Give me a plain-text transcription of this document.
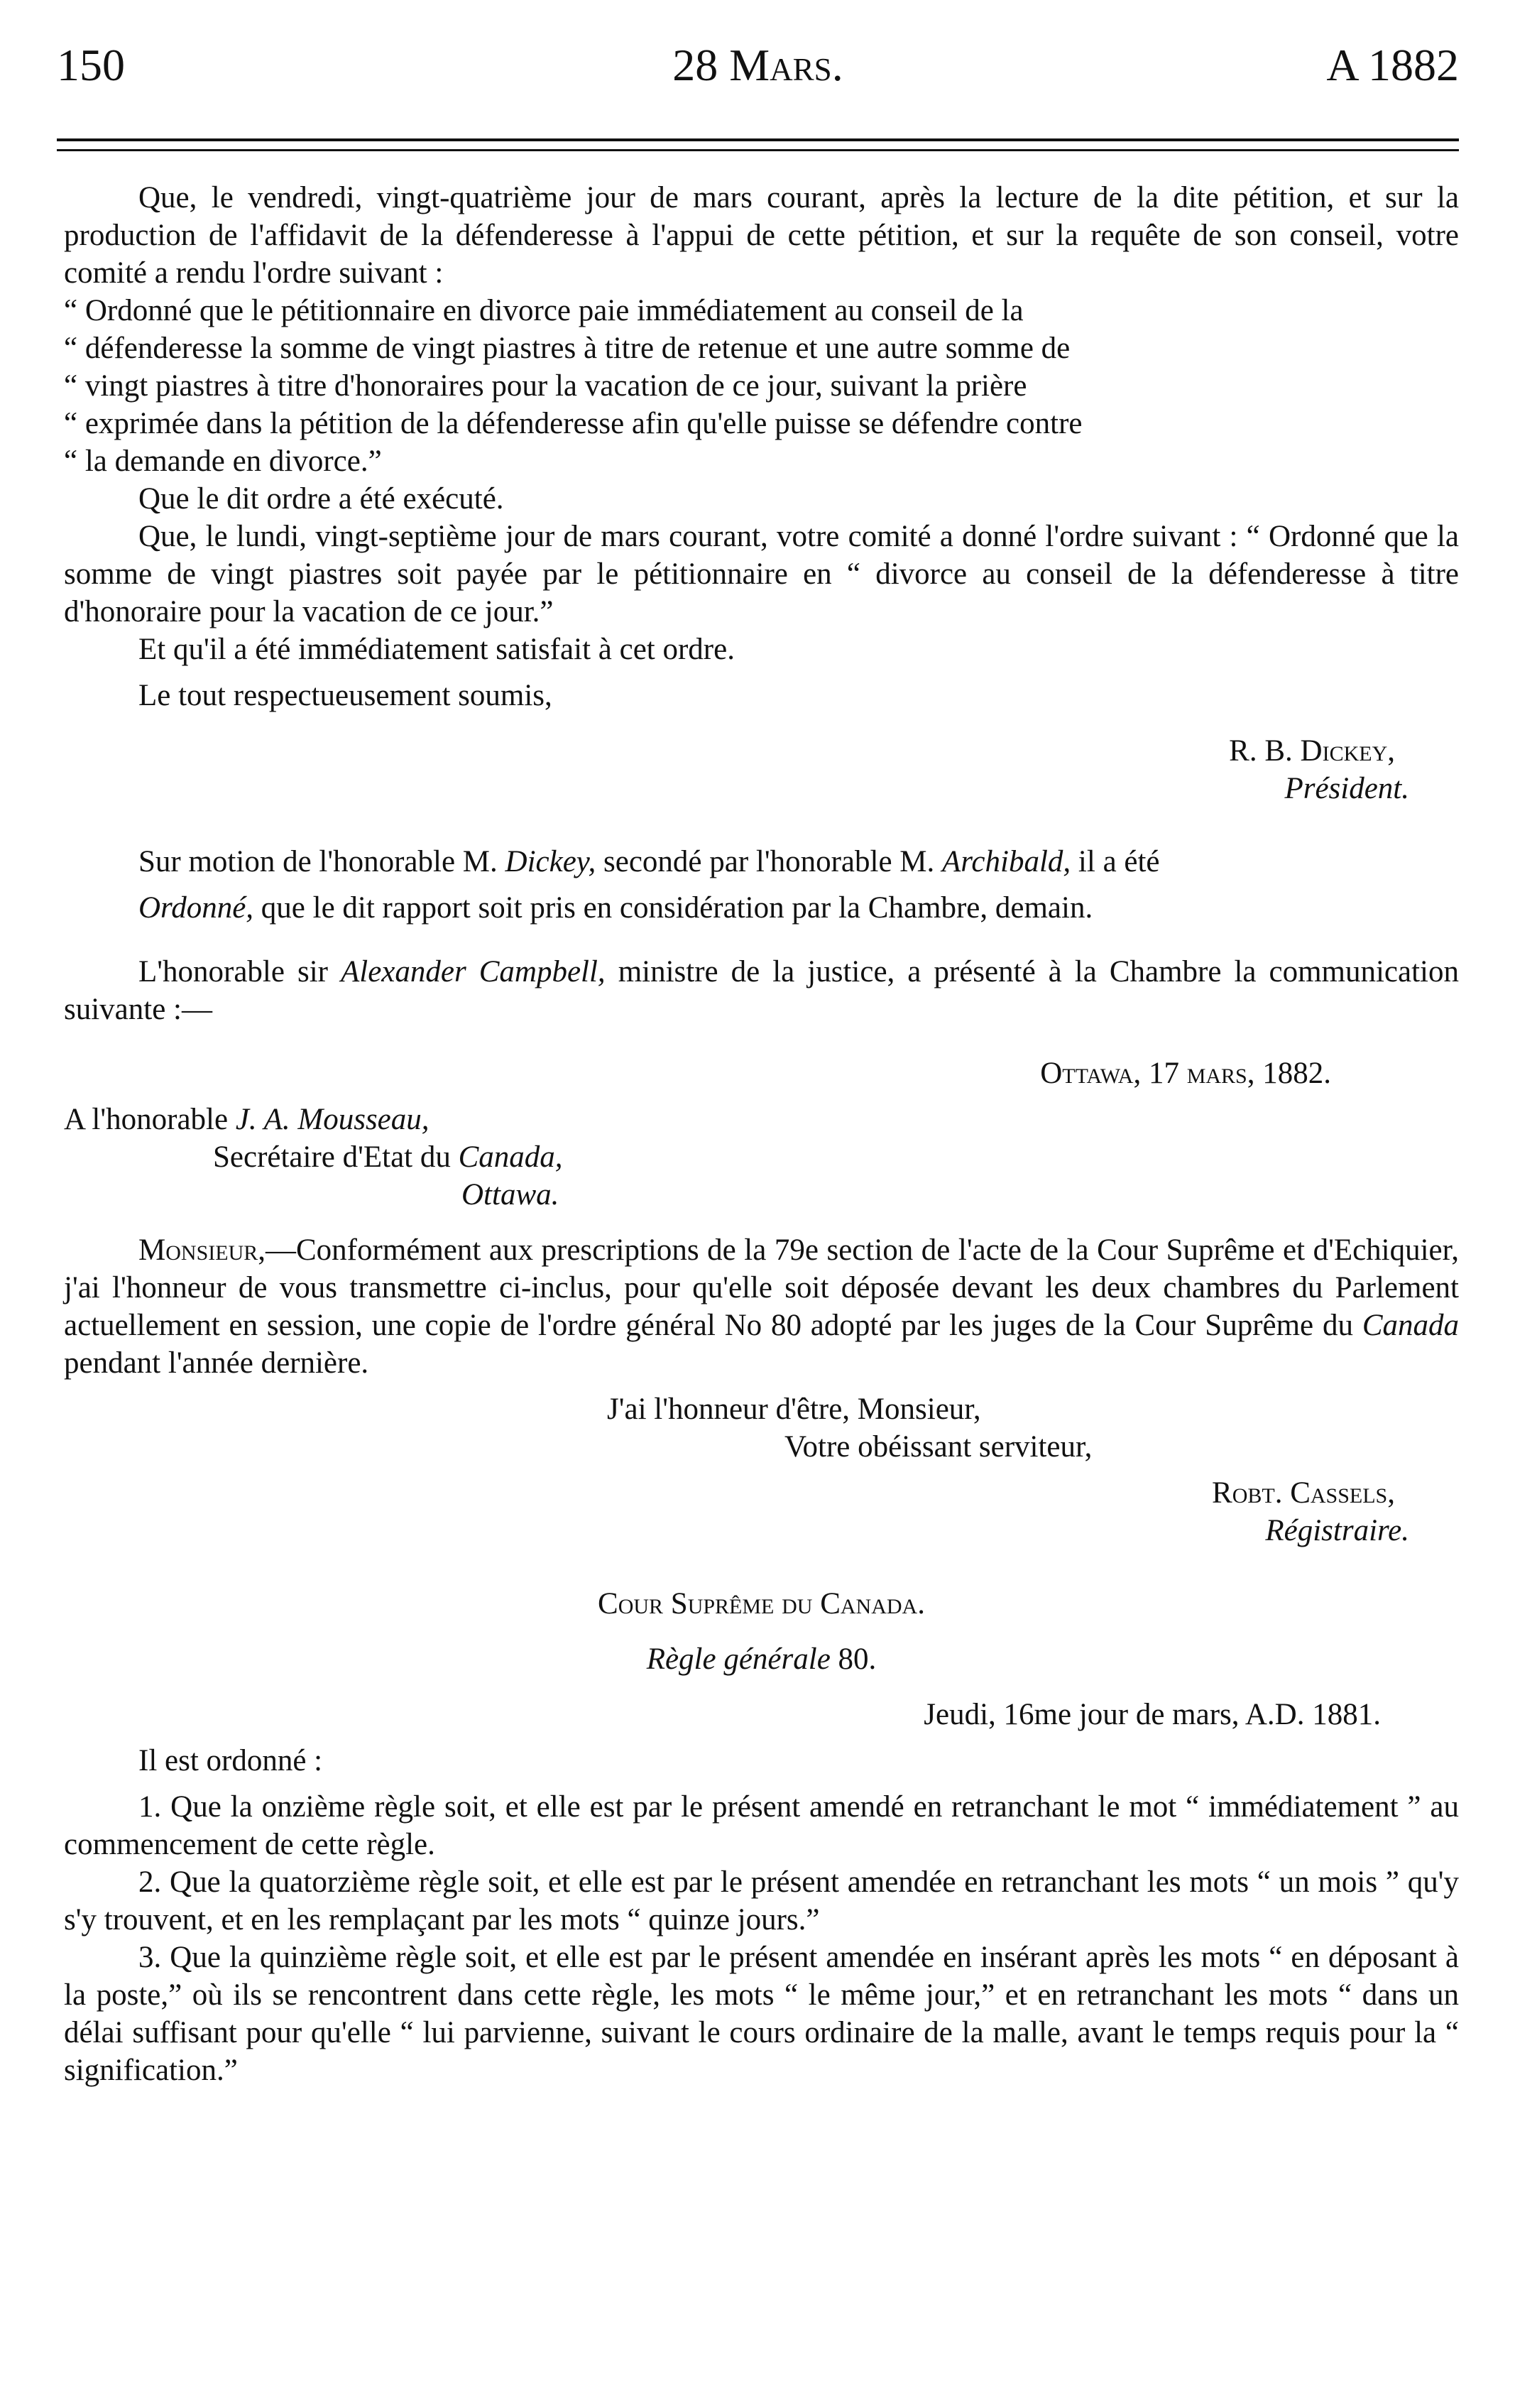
150	28 Mars.	A 1882

Que, le vendredi, vingt-quatrième jour de mars courant, après la lecture de la dite pétition, et sur la production de l'affidavit de la défenderesse à l'appui de cette pétition, et sur la requête de son conseil, votre comité a rendu l'ordre suivant :

“ Ordonné que le pétitionnaire en divorce paie immédiatement au conseil de la

“ défenderesse la somme de vingt piastres à titre de retenue et une autre somme de

“ vingt piastres à titre d'honoraires pour la vacation de ce jour, suivant la prière

“ exprimée dans la pétition de la défenderesse afin qu'elle puisse se défendre contre

“ la demande en divorce.”

Que le dit ordre a été exécuté.

Que, le lundi, vingt-septième jour de mars courant, votre comité a donné l'ordre suivant : “ Ordonné que la somme de vingt piastres soit payée par le pétitionnaire en “ divorce au conseil de la défenderesse à titre d'honoraire pour la vacation de ce jour.”

Et qu'il a été immédiatement satisfait à cet ordre.

Le tout respectueusement soumis,

R. B. Dickey,

Président.

Sur motion de l'honorable M. Dickey, secondé par l'honorable M. Archibald, il a été

Ordonné, que le dit rapport soit pris en considération par la Chambre, demain.

L'honorable sir Alexander Campbell, ministre de la justice, a présenté à la Chambre la communication suivante :—

Ottawa, 17 mars, 1882.

A l'honorable J. A. Mousseau,

Secrétaire d'Etat du Canada,

Ottawa.

Monsieur,—Conformément aux prescriptions de la 79e section de l'acte de la Cour Suprême et d'Echiquier, j'ai l'honneur de vous transmettre ci-inclus, pour qu'elle soit déposée devant les deux chambres du Parlement actuellement en session, une copie de l'ordre général No 80 adopté par les juges de la Cour Suprême du Canada pendant l'année dernière.

J'ai l'honneur d'être, Monsieur,

Votre obéissant serviteur,

Robt. Cassels,

Régistraire.

Cour Suprême du Canada.

Règle générale 80.

Jeudi, 16me jour de mars, A.D. 1881.

Il est ordonné :

1. Que la onzième règle soit, et elle est par le présent amendé en retranchant le mot “ immédiatement ” au commencement de cette règle.

2. Que la quatorzième règle soit, et elle est par le présent amendée en retranchant les mots “ un mois ” qu'y s'y trouvent, et en les remplaçant par les mots “ quinze jours.”

3. Que la quinzième règle soit, et elle est par le présent amendée en insérant après les mots “ en déposant à la poste,” où ils se rencontrent dans cette règle, les mots “ le même jour,” et en retranchant les mots “ dans un délai suffisant pour qu'elle “ lui parvienne, suivant le cours ordinaire de la malle, avant le temps requis pour la “ signification.”
